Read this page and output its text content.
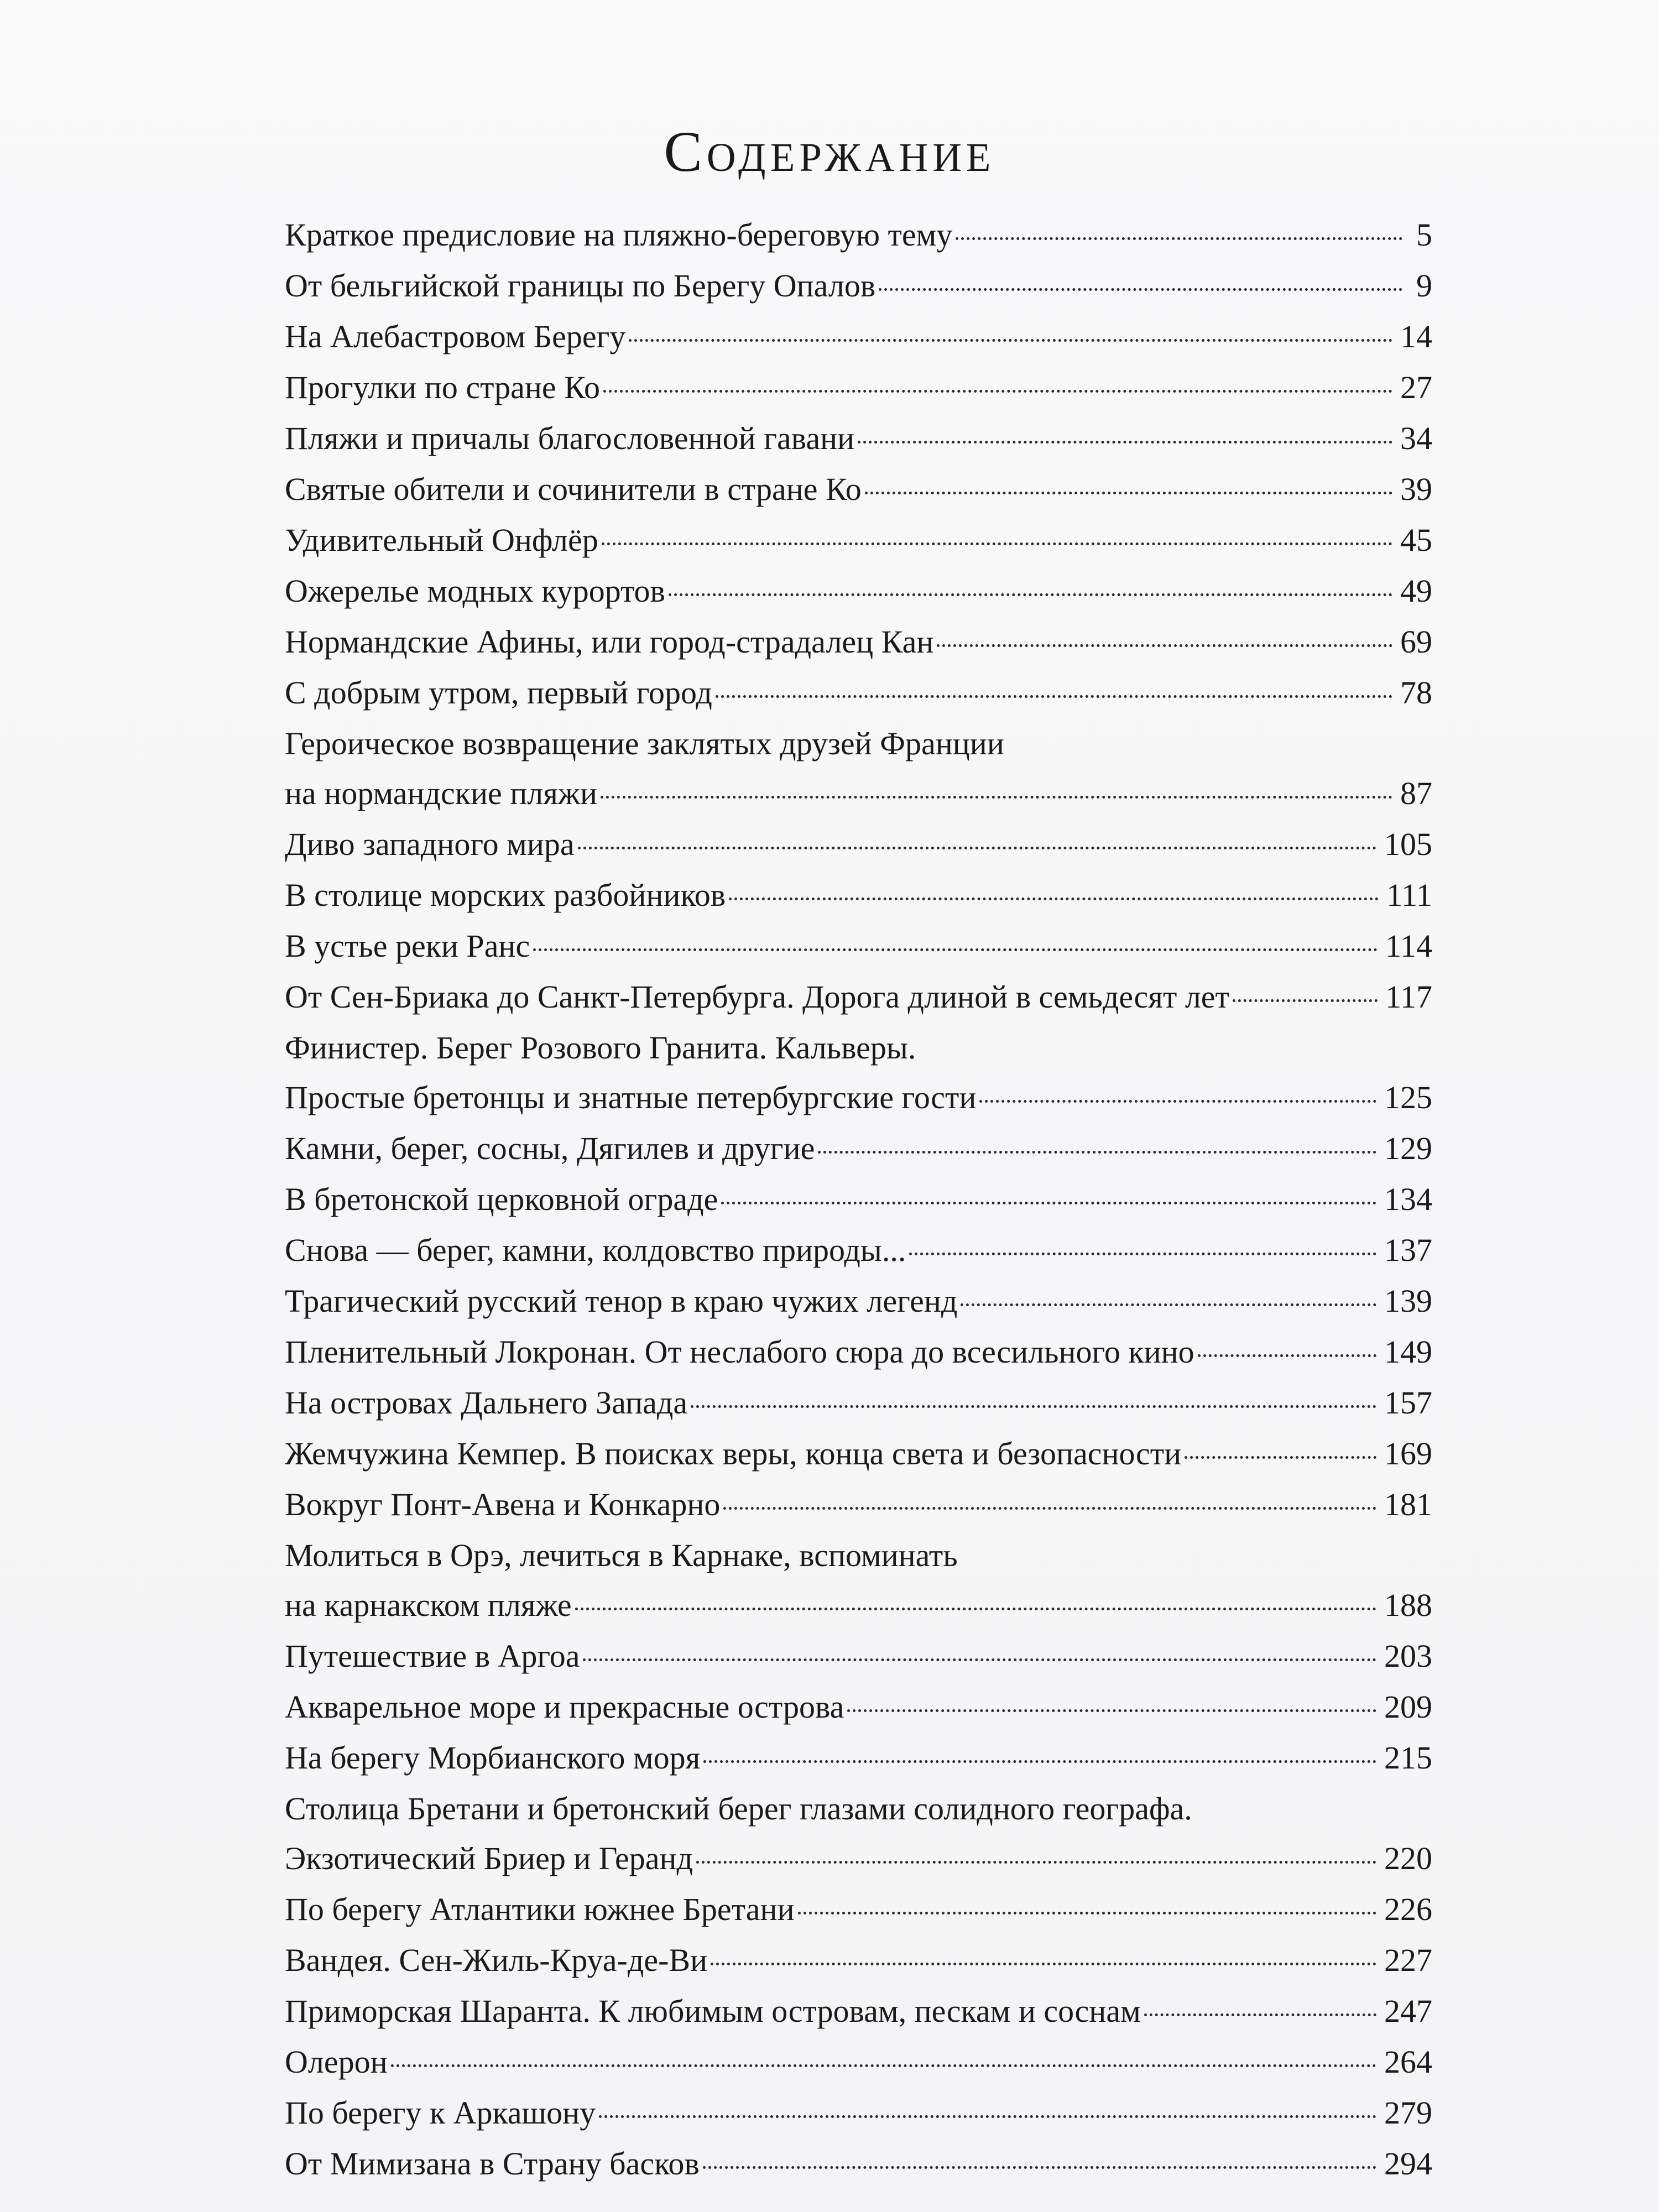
Содержание
Краткое предисловие на пляжно-береговую тему	5
От бельгийской границы по Берегу Опалов	9
На Алебастровом Берегу	14
Прогулки по стране Ко	27
Пляжи и причалы благословенной гавани	34
Святые обители и сочинители в стране Ко	39
Удивительный Онфлёр	45
Ожерелье модных курортов	49
Нормандские Афины, или город-страдалец Кан	69
С добрым утром, первый город	78
Героическое возвращение заклятых друзей Франции
на нормандские пляжи	87
Диво западного мира	105
В столице морских разбойников	111
В устье реки Ранс	114
От Сен-Бриака до Санкт-Петербурга. Дорога длиной в семьдесят лет	117
Финистер. Берег Розового Гранита. Кальверы.
Простые бретонцы и знатные петербургские гости	125
Камни, берег, сосны, Дягилев и другие	129
В бретонской церковной ограде	134
Снова — берег, камни, колдовство природы...	137
Трагический русский тенор в краю чужих легенд	139
Пленительный Локронан. От неслабого сюра до всесильного кино	149
На островах Дальнего Запада	157
Жемчужина Кемпер. В поисках веры, конца света и безопасности	169
Вокруг Понт-Авена и Конкарно	181
Молиться в Орэ, лечиться в Карнаке, вспоминать
на карнакском пляже	188
Путешествие в Аргоа	203
Акварельное море и прекрасные острова	209
На берегу Морбианского моря	215
Столица Бретани и бретонский берег глазами солидного географа.
Экзотический Бриер и Геранд	220
По берегу Атлантики южнее Бретани	226
Вандея. Сен-Жиль-Круа-де-Ви	227
Приморская Шаранта. К любимым островам, пескам и соснам	247
Олерон	264
По берегу к Аркашону	279
От Мимизана в Страну басков	294
